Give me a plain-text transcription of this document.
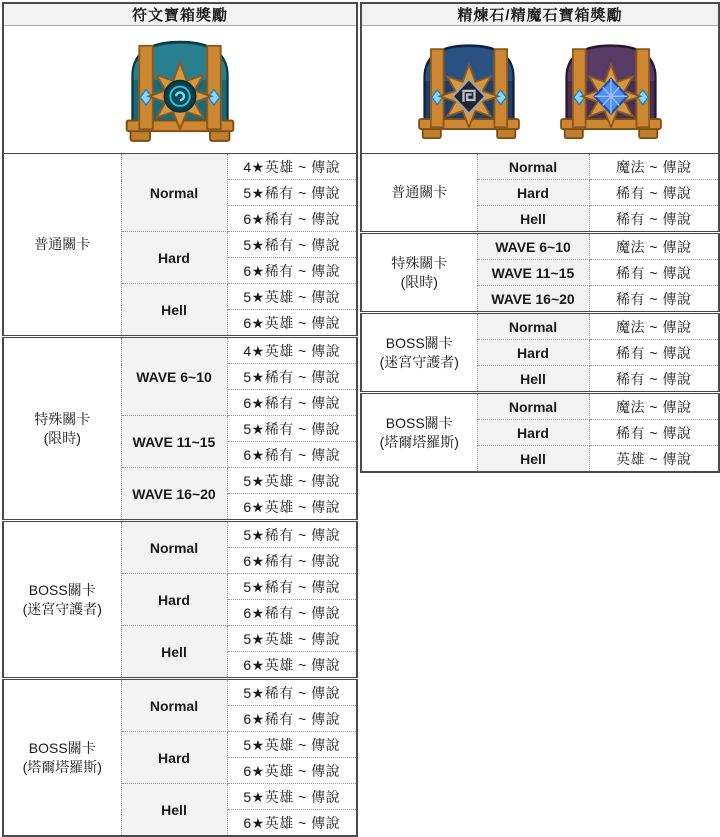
符文寶箱獎勵		

普通關卡	Normal	4★英雄 ~ 傳說
		5★稀有 ~ 傳說
		6★稀有 ~ 傳說
	Hard	5★稀有 ~ 傳說
		6★稀有 ~ 傳說
	Hell	5★英雄 ~ 傳說
		6★英雄 ~ 傳說

特殊關卡
(限時)	WAVE 6~10	4★英雄 ~ 傳說
		5★稀有 ~ 傳說
		6★稀有 ~ 傳說
	WAVE 11~15	5★稀有 ~ 傳說
		6★稀有 ~ 傳說
	WAVE 16~20	5★英雄 ~ 傳說
		6★英雄 ~ 傳說

BOSS關卡
(迷宮守護者)	Normal	5★稀有 ~ 傳說
		6★稀有 ~ 傳說
	Hard	5★稀有 ~ 傳說
		6★稀有 ~ 傳說
	Hell	5★英雄 ~ 傳說
		6★英雄 ~ 傳說

BOSS關卡
(塔爾塔羅斯)	Normal	5★稀有 ~ 傳說
		6★稀有 ~ 傳說
	Hard	5★英雄 ~ 傳說
		6★英雄 ~ 傳說
	Hell	5★英雄 ~ 傳說
		6★英雄 ~ 傳說
精煉石/精魔石寶箱獎勵		

普通關卡	Normal	魔法 ~ 傳說
	Hard	稀有 ~ 傳說
	Hell	稀有 ~ 傳說

特殊關卡
(限時)	WAVE 6~10	魔法 ~ 傳說
	WAVE 11~15	稀有 ~ 傳說
	WAVE 16~20	稀有 ~ 傳說

BOSS關卡
(迷宮守護者)	Normal	魔法 ~ 傳說
	Hard	稀有 ~ 傳說
	Hell	稀有 ~ 傳說

BOSS關卡
(塔爾塔羅斯)	Normal	魔法 ~ 傳說
	Hard	稀有 ~ 傳說
	Hell	英雄 ~ 傳說
